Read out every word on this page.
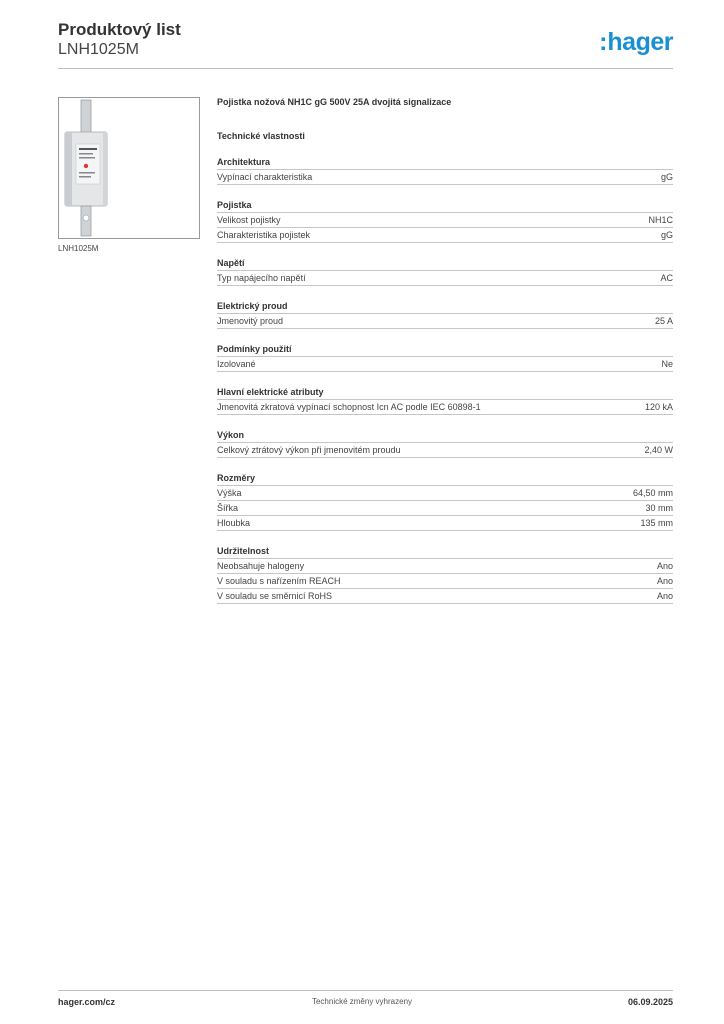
Produktový list
LNH1025M	:hager
LNH1025M
Pojistka nožová NH1C gG 500V 25A dvojitá signalizace
Technické vlastnosti
Architektura
Vypínací charakteristika	gG
Pojistka
Velikost pojistky	NH1C
Charakteristika pojistek	gG
Napětí
Typ napájecího napětí	AC
Elektrický proud
Jmenovitý proud	25 A
Podmínky použití
Izolované	Ne
Hlavní elektrické atributy
Jmenovitá zkratová vypínací schopnost Icn AC podle IEC 60898-1	120 kA
Výkon
Celkový ztrátový výkon při jmenovitém proudu	2,40 W
Rozměry
Výška	64,50 mm
Šířka	30 mm
Hloubka	135 mm
Udržitelnost
Neobsahuje halogeny	Ano
V souladu s nařízením REACH	Ano
V souladu se směrnicí RoHS	Ano
hager.com/cz	Technické změny vyhrazeny	06.09.2025
